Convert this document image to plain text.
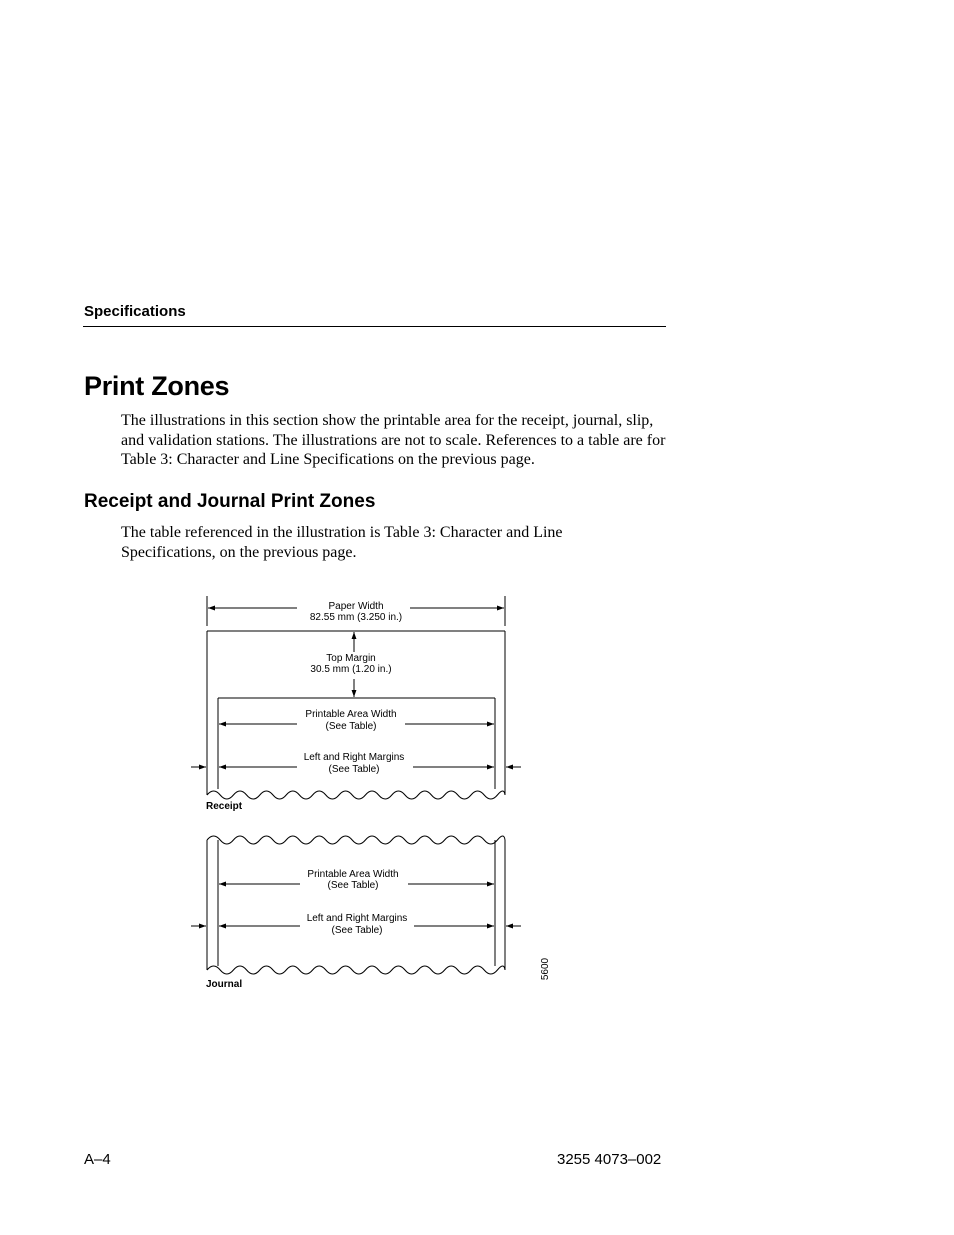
Specifications
Print Zones

The illustrations in this section show the printable area for the receipt, journal, slip, and validation stations. The illustrations are not to scale. References to a table are for Table 3: Character and Line Specifications on the previous page.

Receipt and Journal Print Zones

The table referenced in the illustration is Table 3: Character and Line Specifications, on the previous page.

Paper Width
82.55 mm (3.250 in.)
Top Margin
30.5 mm (1.20 in.)
Printable Area Width
(See Table)
Left and Right Margins
(See Table)
Receipt
Printable Area Width
(See Table)
Left and Right Margins
(See Table)
Journal
5600

A–4	3255 4073–002
